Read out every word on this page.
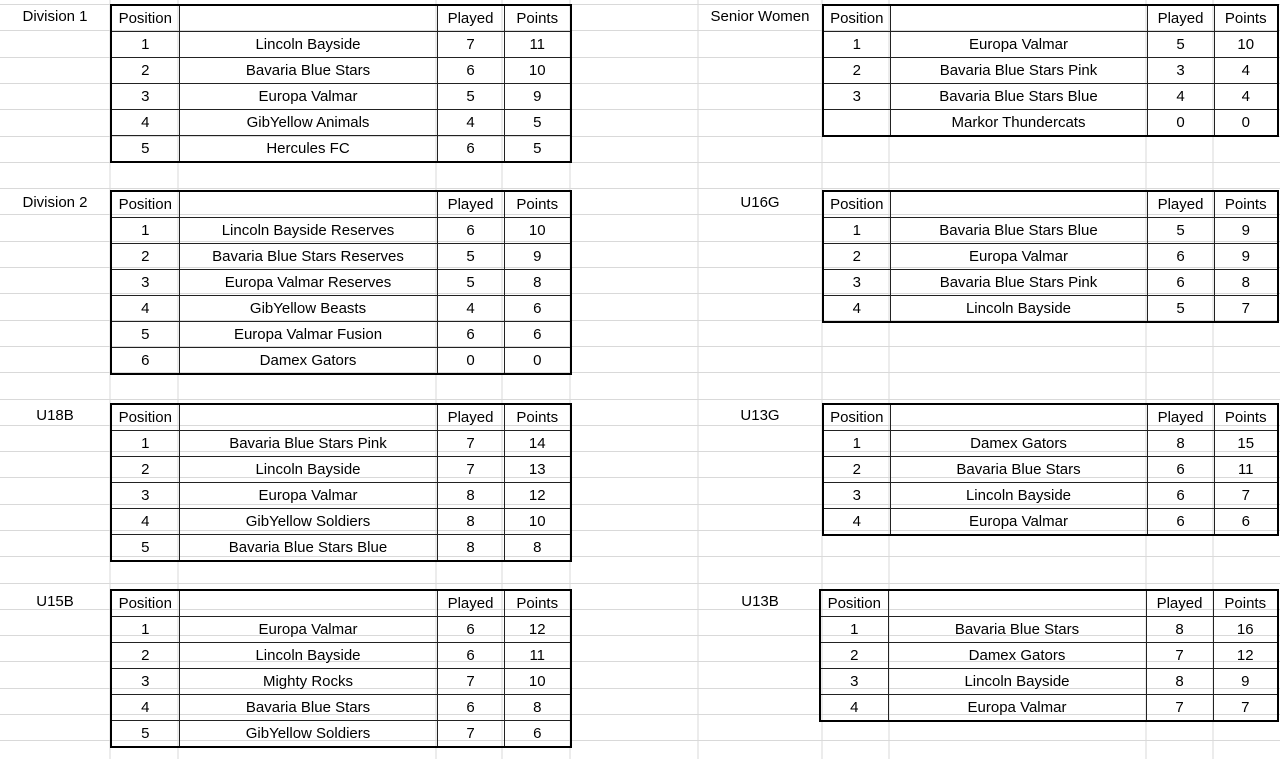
Division 1	Position		Played	Points
1	Lincoln Bayside	7	11
2	Bavaria Blue Stars	6	10
3	Europa Valmar	5	9
4	GibYellow Animals	4	5
5	Hercules FC	6	5
Division 2	Position		Played	Points
1	Lincoln Bayside Reserves	6	10
2	Bavaria Blue Stars Reserves	5	9
3	Europa Valmar Reserves	5	8
4	GibYellow Beasts	4	6
5	Europa Valmar Fusion	6	6
6	Damex Gators	0	0
U18B	Position		Played	Points
1	Bavaria Blue Stars Pink	7	14
2	Lincoln Bayside	7	13
3	Europa Valmar	8	12
4	GibYellow Soldiers	8	10
5	Bavaria Blue Stars Blue	8	8
U15B	Position		Played	Points
1	Europa Valmar	6	12
2	Lincoln Bayside	6	11
3	Mighty Rocks	7	10
4	Bavaria Blue Stars	6	8
5	GibYellow Soldiers	7	6
Senior Women	Position		Played	Points
1	Europa Valmar	5	10
2	Bavaria Blue Stars Pink	3	4
3	Bavaria Blue Stars Blue	4	4
	Markor Thundercats	0	0
U16G	Position		Played	Points
1	Bavaria Blue Stars Blue	5	9
2	Europa Valmar	6	9
3	Bavaria Blue Stars Pink	6	8
4	Lincoln Bayside	5	7
U13G	Position		Played	Points
1	Damex Gators	8	15
2	Bavaria Blue Stars	6	11
3	Lincoln Bayside	6	7
4	Europa Valmar	6	6
U13B	Position		Played	Points
1	Bavaria Blue Stars	8	16
2	Damex Gators	7	12
3	Lincoln Bayside	8	9
4	Europa Valmar	7	7
